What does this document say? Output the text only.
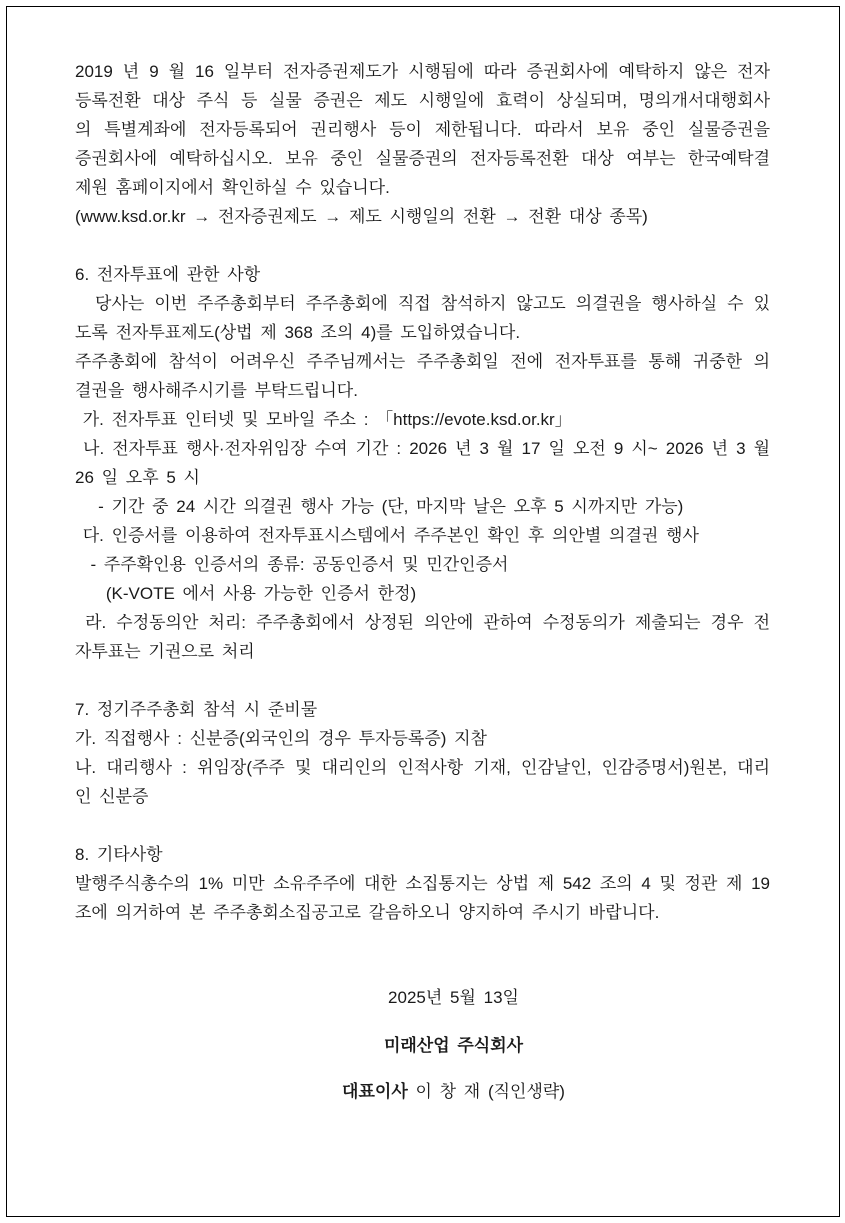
2019 년 9 월 16 일부터 전자증권제도가 시행됨에 따라 증권회사에 예탁하지 않은 전자
등록전환 대상 주식 등 실물 증권은 제도 시행일에 효력이 상실되며, 명의개서대행회사
의 특별계좌에 전자등록되어 권리행사 등이 제한됩니다. 따라서 보유 중인 실물증권을
증권회사에 예탁하십시오. 보유 중인 실물증권의 전자등록전환 대상 여부는 한국예탁결
제원 홈페이지에서 확인하실 수 있습니다.
(www.ksd.or.kr → 전자증권제도 → 제도 시행일의 전환 → 전환 대상 종목)
6. 전자투표에 관한 사항
당사는 이번 주주총회부터 주주총회에 직접 참석하지 않고도 의결권을 행사하실 수 있
도록 전자투표제도(상법 제 368 조의 4)를 도입하였습니다.
주주총회에 참석이 어려우신 주주님께서는 주주총회일 전에 전자투표를 통해 귀중한 의
결권을 행사해주시기를 부탁드립니다.
가. 전자투표 인터넷 및 모바일 주소 : 「https://evote.ksd.or.kr」
나. 전자투표 행사·전자위임장 수여 기간 : 2026 년 3 월 17 일 오전 9 시~ 2026 년 3 월
26 일 오후 5 시
- 기간 중 24 시간 의결권 행사 가능 (단, 마지막 날은 오후 5 시까지만 가능)
다. 인증서를 이용하여 전자투표시스템에서 주주본인 확인 후 의안별 의결권 행사
- 주주확인용 인증서의 종류: 공동인증서 및 민간인증서
(K-VOTE 에서 사용 가능한 인증서 한정)
라. 수정동의안 처리: 주주총회에서 상정된 의안에 관하여 수정동의가 제출되는 경우 전
자투표는 기권으로 처리
7. 정기주주총회 참석 시 준비물
가. 직접행사 : 신분증(외국인의 경우 투자등록증) 지참
나. 대리행사 : 위임장(주주 및 대리인의 인적사항 기재, 인감날인, 인감증명서)원본, 대리
인 신분증
8. 기타사항
발행주식총수의 1% 미만 소유주주에 대한 소집통지는 상법 제 542 조의 4 및 정관 제 19
조에 의거하여 본 주주총회소집공고로 갈음하오니 양지하여 주시기 바랍니다.
2025년 5월 13일
미래산업 주식회사
대표이사 이 창 재 (직인생략)
